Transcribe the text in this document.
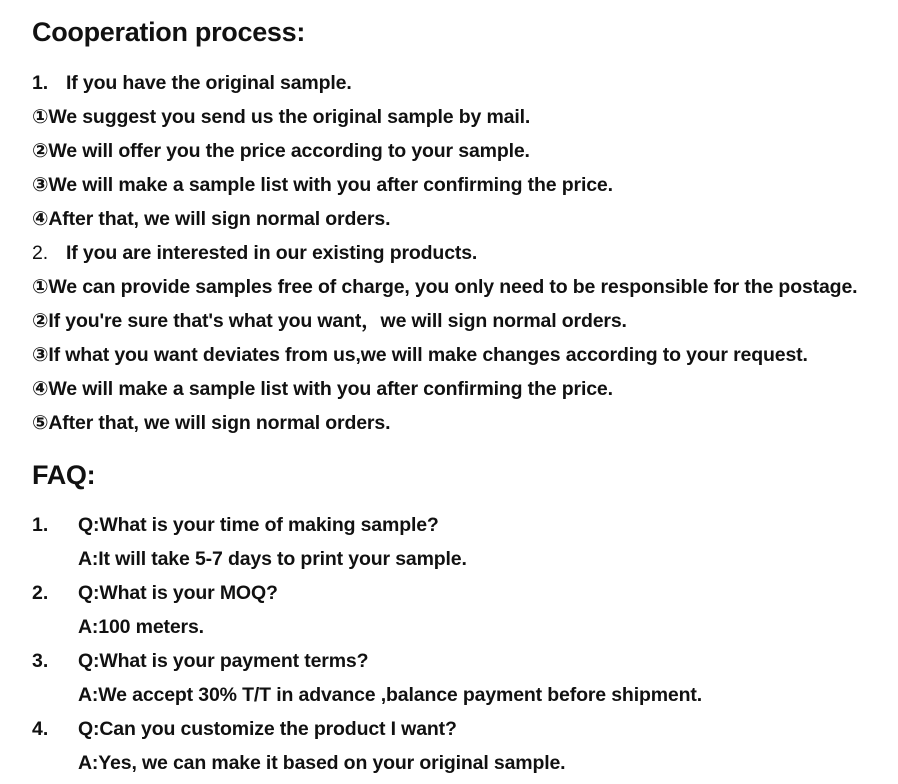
Cooperation process:
1. If you have the original sample.
①We suggest you send us the original sample by mail.
②We will offer you the price according to your sample.
③We will make a sample list with you after confirming the price.
④After that, we will sign normal orders.
2. If you are interested in our existing products.
①We can provide samples free of charge, you only need to be responsible for the postage.
②If you're sure that's what you want，we will sign normal orders.
③If what you want deviates from us,we will make changes according to your request.
④We will make a sample list with you after confirming the price.
⑤After that, we will sign normal orders.
FAQ:
1. Q:What is your time of making sample?
A:It will take 5-7 days to print your sample.
2. Q:What is your MOQ?
A:100 meters.
3. Q:What is your payment terms?
A:We accept 30% T/T in advance ,balance payment before shipment.
4. Q:Can you customize the product I want?
A:Yes, we can make it based on your original sample.
